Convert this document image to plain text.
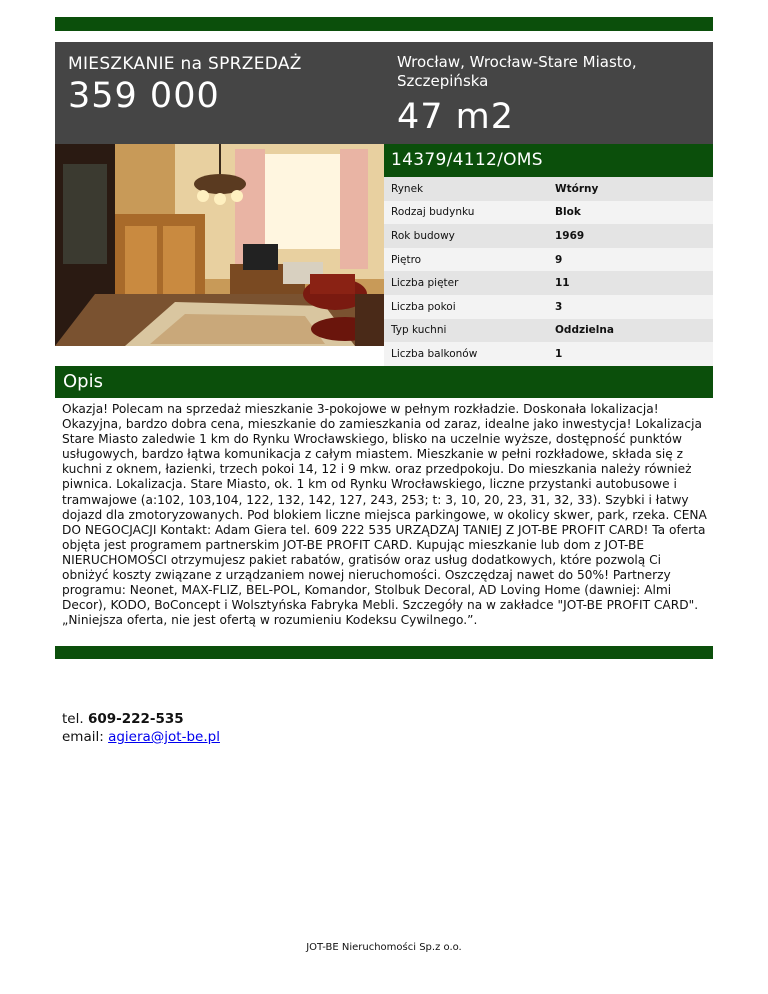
MIESZKANIE na SPRZEDAŻ
359 000
Wrocław, Wrocław-Stare Miasto, Szczepińska
47 m2
14379/4112/OMS
Rynek	Wtórny
Rodzaj budynku	Blok
Rok budowy	1969
Piętro	9
Liczba pięter	11
Liczba pokoi	3
Typ kuchni	Oddzielna
Liczba balkonów	1
Opis
Okazja! Polecam na sprzedaż mieszkanie 3-pokojowe w pełnym rozkładzie. Doskonała lokalizacja! Okazyjna, bardzo dobra cena, mieszkanie do zamieszkania od zaraz, idealne jako inwestycja! Lokalizacja Stare Miasto zaledwie 1 km do Rynku Wrocławskiego, blisko na uczelnie wyższe, dostępność punktów usługowych, bardzo łątwa komunikacja z całym miastem. Mieszkanie w pełni rozkładowe, składa się z kuchni z oknem, łazienki, trzech pokoi 14, 12 i 9 mkw. oraz przedpokoju. Do mieszkania należy również piwnica. Lokalizacja. Stare Miasto, ok. 1 km od Rynku Wrocławskiego, liczne przystanki autobusowe i tramwajowe (a:102, 103,104, 122, 132, 142, 127, 243, 253; t: 3, 10, 20, 23, 31, 32, 33). Szybki i łatwy dojazd dla zmotoryzowanych. Pod blokiem liczne miejsca parkingowe, w okolicy skwer, park, rzeka. CENA DO NEGOCJACJI Kontakt: Adam Giera tel. 609 222 535 URZĄDZAJ TANIEJ Z JOT-BE PROFIT CARD! Ta oferta objęta jest programem partnerskim JOT-BE PROFIT CARD. Kupując mieszkanie lub dom z JOT-BE NIERUCHOMOŚCI otrzymujesz pakiet rabatów, gratisów oraz usług dodatkowych, które pozwolą Ci obniżyć koszty związane z urządzaniem nowej nieruchomości. Oszczędzaj nawet do 50%! Partnerzy programu: Neonet, MAX-FLIZ, BEL-POL, Komandor, Stolbuk Decoral, AD Loving Home (dawniej: Almi Decor), KODO, BoConcept i Wolsztyńska Fabryka Mebli. Szczegóły na w zakładce "JOT-BE PROFIT CARD". „Niniejsza oferta, nie jest ofertą w rozumieniu Kodeksu Cywilnego.”.
tel. 609-222-535
email: agiera@jot-be.pl
JOT-BE Nieruchomości Sp.z o.o.
